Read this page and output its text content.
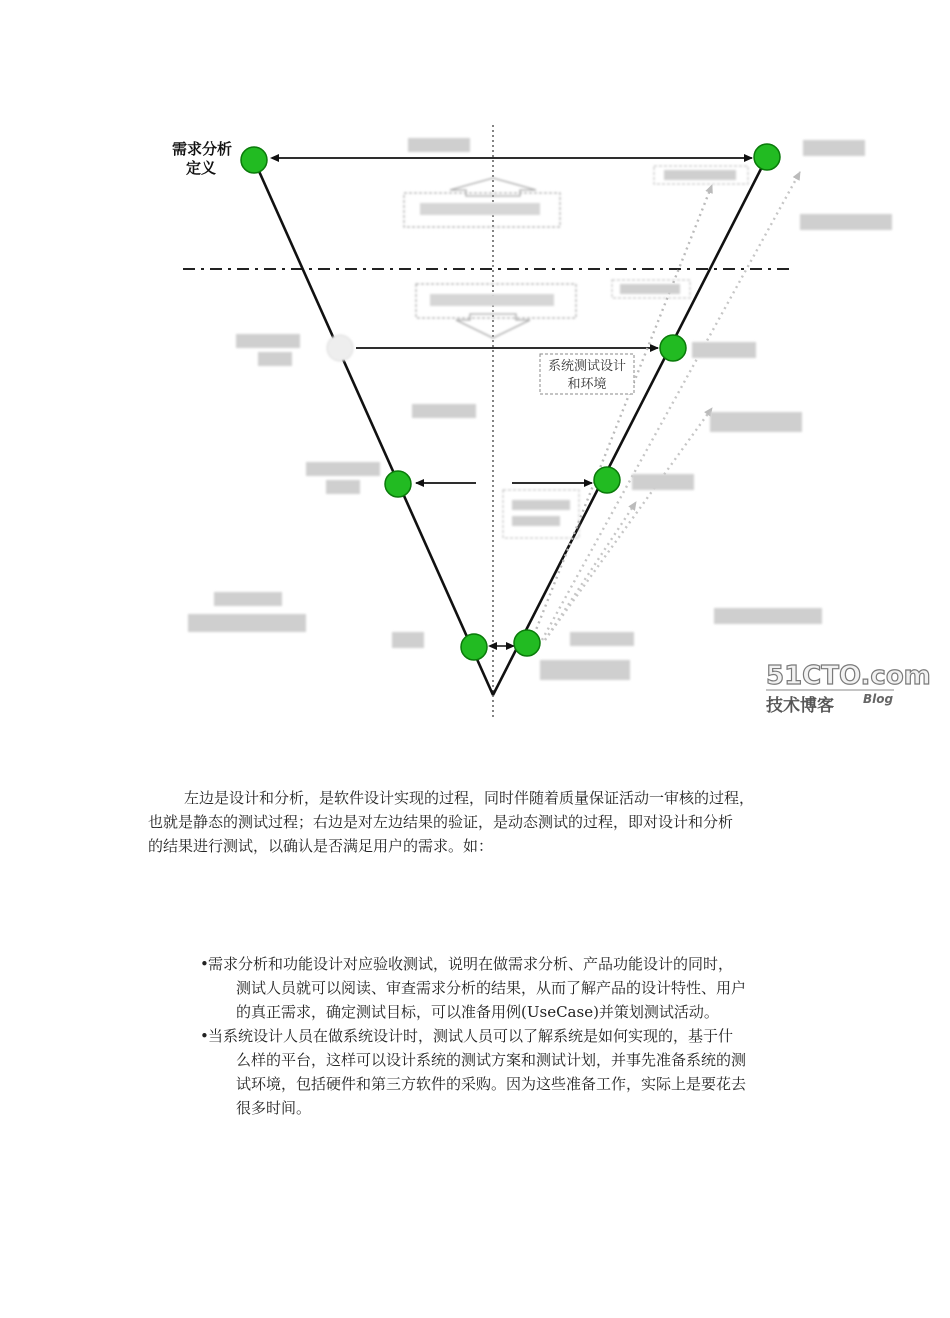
需求分析
定义
系统测试设计
和环境
51CTO.com
技术博客 Blog

左边是设计和分析，是软件设计实现的过程，同时伴随着质量保证活动一审核的过程，

也就是静态的测试过程；右边是对左边结果的验证，是动态测试的过程，即对设计和分析

的结果进行测试，以确认是否满足用户的需求。如：

• 需求分析和功能设计对应验收测试，说明在做需求分析、产品功能设计的同时，
测试人员就可以阅读、审查需求分析的结果，从而了解产品的设计特性、用户
的真正需求，确定测试目标，可以准备用例(UseCase)并策划测试活动。
• 当系统设计人员在做系统设计时，测试人员可以了解系统是如何实现的，基于什
么样的平台，这样可以设计系统的测试方案和测试计划，并事先准备系统的测
试环境，包括硬件和第三方软件的采购。因为这些准备工作，实际上是要花去
很多时间。
